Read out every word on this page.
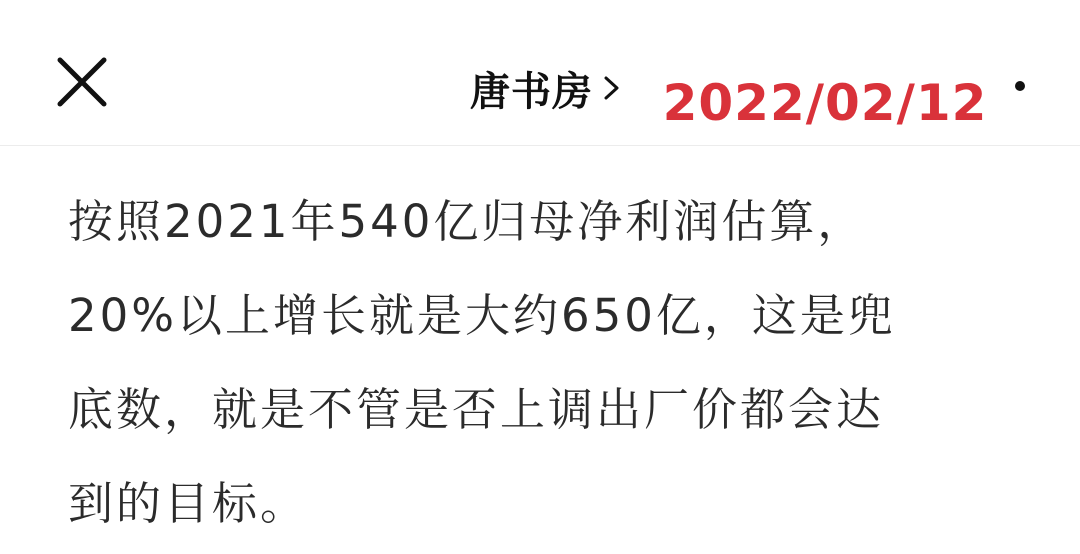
唐书房 2022/02/12

按照2021年540亿归母净利润估算，

20%以上增长就是大约650亿，这是兜

底数，就是不管是否上调出厂价都会达

到的目标。
